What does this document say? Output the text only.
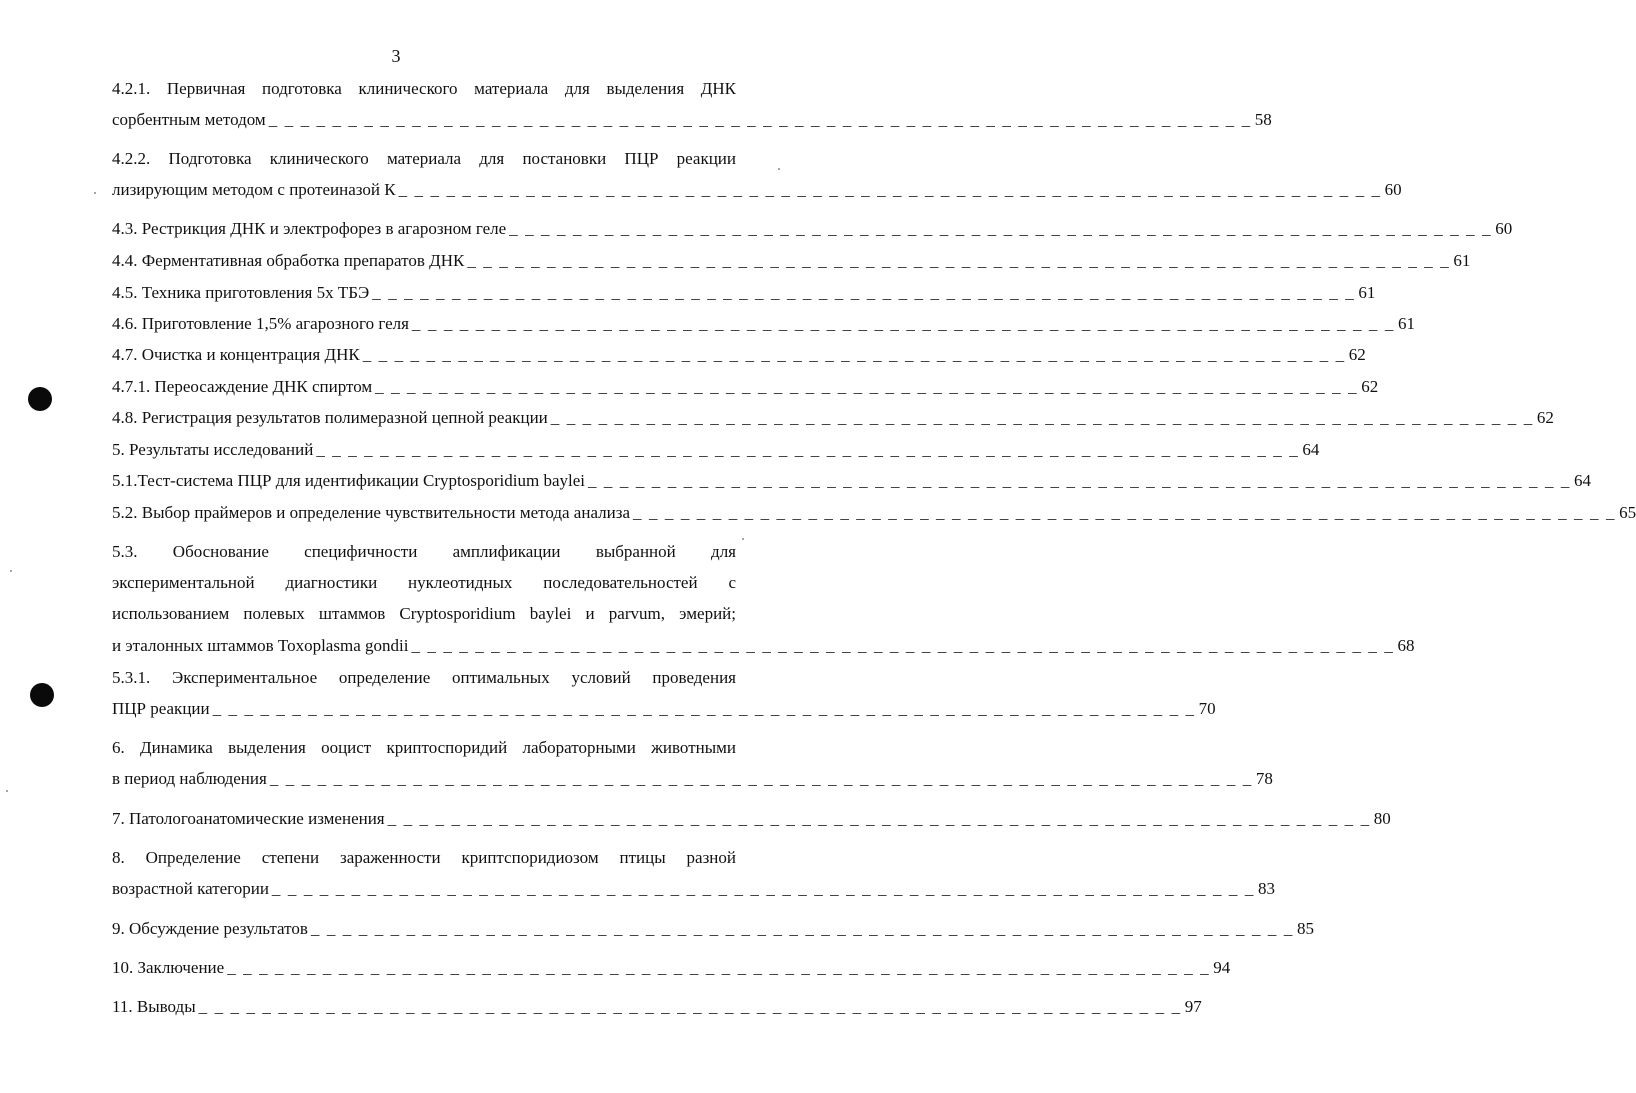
3
4.2.1. Первичная подготовка клинического материала для выделения ДНК
сорбентным методом _ _ _ _ _ _ _ _ _ _ _ _ _ _ _ _ _ _ _ _ _ _ _ _ _ _ _ _ _ _ _ _ _ _ _ _ _ _ _ _ _ _ _ _ _ _ _ _ _ _ _ _ _ _ _ _ _ _ _ _ _ _ 58
4.2.2. Подготовка клинического материала для постановки ПЦР реакции
лизирующим методом с протеиназой К _ _ _ _ _ _ _ _ _ _ _ _ _ _ _ _ _ _ _ _ _ _ _ _ _ _ _ _ _ _ _ _ _ _ _ _ _ _ _ _ _ _ _ _ _ _ _ _ _ _ _ _ _ _ _ _ _ _ _ _ _ _ 60
4.3. Рестрикция ДНК и электрофорез в агарозном геле _ _ _ _ _ _ _ _ _ _ _ _ _ _ _ _ _ _ _ _ _ _ _ _ _ _ _ _ _ _ _ _ _ _ _ _ _ _ _ _ _ _ _ _ _ _ _ _ _ _ _ _ _ _ _ _ _ _ _ _ _ _ 60
4.4. Ферментативная обработка препаратов ДНК _ _ _ _ _ _ _ _ _ _ _ _ _ _ _ _ _ _ _ _ _ _ _ _ _ _ _ _ _ _ _ _ _ _ _ _ _ _ _ _ _ _ _ _ _ _ _ _ _ _ _ _ _ _ _ _ _ _ _ _ _ _ 61
4.5. Техника приготовления 5х ТБЭ _ _ _ _ _ _ _ _ _ _ _ _ _ _ _ _ _ _ _ _ _ _ _ _ _ _ _ _ _ _ _ _ _ _ _ _ _ _ _ _ _ _ _ _ _ _ _ _ _ _ _ _ _ _ _ _ _ _ _ _ _ _ 61
4.6. Приготовление 1,5% агарозного геля _ _ _ _ _ _ _ _ _ _ _ _ _ _ _ _ _ _ _ _ _ _ _ _ _ _ _ _ _ _ _ _ _ _ _ _ _ _ _ _ _ _ _ _ _ _ _ _ _ _ _ _ _ _ _ _ _ _ _ _ _ _ 61
4.7. Очистка и концентрация ДНК _ _ _ _ _ _ _ _ _ _ _ _ _ _ _ _ _ _ _ _ _ _ _ _ _ _ _ _ _ _ _ _ _ _ _ _ _ _ _ _ _ _ _ _ _ _ _ _ _ _ _ _ _ _ _ _ _ _ _ _ _ _ 62
4.7.1. Переосаждение ДНК спиртом _ _ _ _ _ _ _ _ _ _ _ _ _ _ _ _ _ _ _ _ _ _ _ _ _ _ _ _ _ _ _ _ _ _ _ _ _ _ _ _ _ _ _ _ _ _ _ _ _ _ _ _ _ _ _ _ _ _ _ _ _ _ 62
4.8. Регистрация результатов полимеразной цепной реакции _ _ _ _ _ _ _ _ _ _ _ _ _ _ _ _ _ _ _ _ _ _ _ _ _ _ _ _ _ _ _ _ _ _ _ _ _ _ _ _ _ _ _ _ _ _ _ _ _ _ _ _ _ _ _ _ _ _ _ _ _ _ 62
5. Результаты исследований _ _ _ _ _ _ _ _ _ _ _ _ _ _ _ _ _ _ _ _ _ _ _ _ _ _ _ _ _ _ _ _ _ _ _ _ _ _ _ _ _ _ _ _ _ _ _ _ _ _ _ _ _ _ _ _ _ _ _ _ _ _ 64
5.1.Тест-система ПЦР для идентификации Cryptosporidium baylei _ _ _ _ _ _ _ _ _ _ _ _ _ _ _ _ _ _ _ _ _ _ _ _ _ _ _ _ _ _ _ _ _ _ _ _ _ _ _ _ _ _ _ _ _ _ _ _ _ _ _ _ _ _ _ _ _ _ _ _ _ _ 64
5.2. Выбор праймеров и определение чувствительности метода анализа _ _ _ _ _ _ _ _ _ _ _ _ _ _ _ _ _ _ _ _ _ _ _ _ _ _ _ _ _ _ _ _ _ _ _ _ _ _ _ _ _ _ _ _ _ _ _ _ _ _ _ _ _ _ _ _ _ _ _ _ _ _ 65
5.3. Обоснование специфичности амплификации выбранной для
экспериментальной диагностики нуклеотидных последовательностей с
использованием полевых штаммов Cryptosporidium baylei и parvum, эмерий;
и эталонных штаммов Toxoplasma gondii _ _ _ _ _ _ _ _ _ _ _ _ _ _ _ _ _ _ _ _ _ _ _ _ _ _ _ _ _ _ _ _ _ _ _ _ _ _ _ _ _ _ _ _ _ _ _ _ _ _ _ _ _ _ _ _ _ _ _ _ _ _ 68
5.3.1. Экспериментальное определение оптимальных условий проведения
ПЦР реакции _ _ _ _ _ _ _ _ _ _ _ _ _ _ _ _ _ _ _ _ _ _ _ _ _ _ _ _ _ _ _ _ _ _ _ _ _ _ _ _ _ _ _ _ _ _ _ _ _ _ _ _ _ _ _ _ _ _ _ _ _ _ 70
6. Динамика выделения ооцист криптоспоридий лабораторными животными
в период наблюдения _ _ _ _ _ _ _ _ _ _ _ _ _ _ _ _ _ _ _ _ _ _ _ _ _ _ _ _ _ _ _ _ _ _ _ _ _ _ _ _ _ _ _ _ _ _ _ _ _ _ _ _ _ _ _ _ _ _ _ _ _ _ 78
7. Патологоанатомические изменения _ _ _ _ _ _ _ _ _ _ _ _ _ _ _ _ _ _ _ _ _ _ _ _ _ _ _ _ _ _ _ _ _ _ _ _ _ _ _ _ _ _ _ _ _ _ _ _ _ _ _ _ _ _ _ _ _ _ _ _ _ _ 80
8. Определение степени зараженности криптспоридиозом птицы разной
возрастной категории _ _ _ _ _ _ _ _ _ _ _ _ _ _ _ _ _ _ _ _ _ _ _ _ _ _ _ _ _ _ _ _ _ _ _ _ _ _ _ _ _ _ _ _ _ _ _ _ _ _ _ _ _ _ _ _ _ _ _ _ _ _ 83
9. Обсуждение результатов _ _ _ _ _ _ _ _ _ _ _ _ _ _ _ _ _ _ _ _ _ _ _ _ _ _ _ _ _ _ _ _ _ _ _ _ _ _ _ _ _ _ _ _ _ _ _ _ _ _ _ _ _ _ _ _ _ _ _ _ _ _ 85
10. Заключение _ _ _ _ _ _ _ _ _ _ _ _ _ _ _ _ _ _ _ _ _ _ _ _ _ _ _ _ _ _ _ _ _ _ _ _ _ _ _ _ _ _ _ _ _ _ _ _ _ _ _ _ _ _ _ _ _ _ _ _ _ _ 94
11. Выводы _ _ _ _ _ _ _ _ _ _ _ _ _ _ _ _ _ _ _ _ _ _ _ _ _ _ _ _ _ _ _ _ _ _ _ _ _ _ _ _ _ _ _ _ _ _ _ _ _ _ _ _ _ _ _ _ _ _ _ _ _ _ 97
